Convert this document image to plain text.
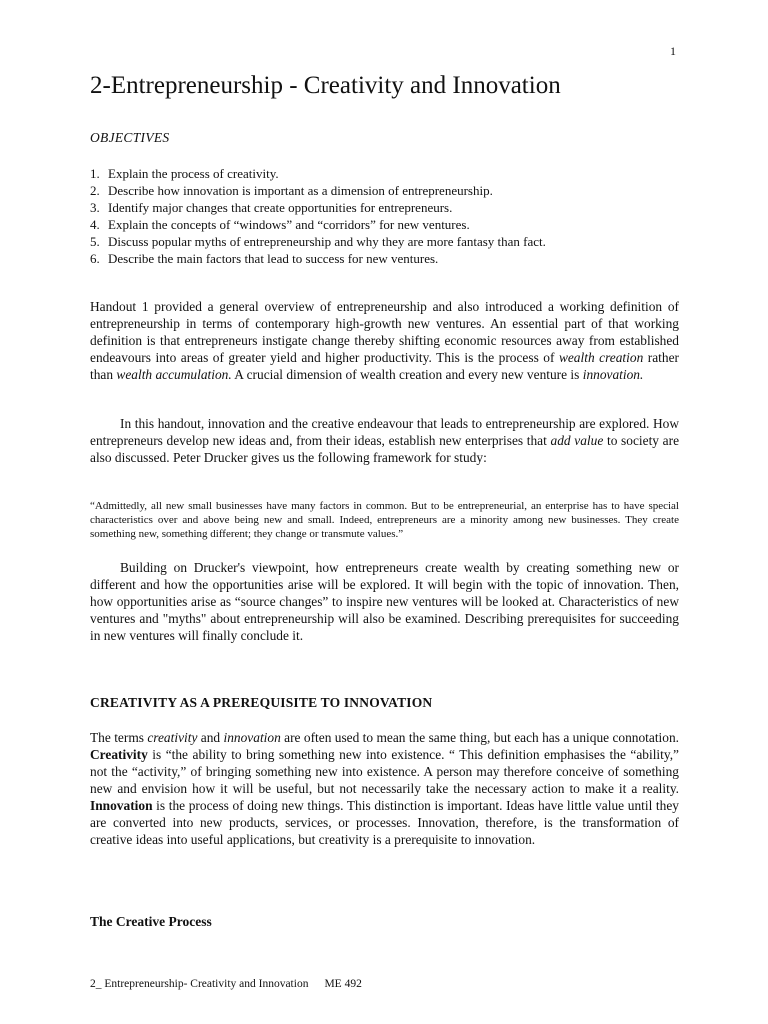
1
2-Entrepreneurship - Creativity and Innovation
OBJECTIVES
1. Explain the process of creativity.
2. Describe how innovation is important as a dimension of entrepreneurship.
3. Identify major changes that create opportunities for entrepreneurs.
4. Explain the concepts of “windows” and “corridors” for new ventures.
5. Discuss popular myths of entrepreneurship and why they are more fantasy than fact.
6. Describe the main factors that lead to success for new ventures.

Handout 1 provided a general overview of entrepreneurship and also introduced a working definition of entrepreneurship in terms of contemporary high-growth new ventures. An essential part of that working definition is that entrepreneurs instigate change thereby shifting economic resources away from established endeavours into areas of greater yield and higher productivity. This is the process of wealth creation rather than wealth accumulation. A crucial dimension of wealth creation and every new venture is innovation.

In this handout, innovation and the creative endeavour that leads to entrepreneurship are explored. How entrepreneurs develop new ideas and, from their ideas, establish new enterprises that add value to society are also discussed. Peter Drucker gives us the following framework for study:

“Admittedly, all new small businesses have many factors in common. But to be entrepreneurial, an enterprise has to have special characteristics over and above being new and small. Indeed, entrepreneurs are a minority among new businesses. They create something new, something different; they change or transmute values.”

Building on Drucker's viewpoint, how entrepreneurs create wealth by creating something new or different and how the opportunities arise will be explored. It will begin with the topic of innovation. Then, how opportunities arise as “source changes” to inspire new ventures will be looked at. Characteristics of new ventures and "myths" about entrepreneurship will also be examined. Describing prerequisites for succeeding in new ventures will finally conclude it.

CREATIVITY AS A PREREQUISITE TO INNOVATION

The terms creativity and innovation are often used to mean the same thing, but each has a unique connotation. Creativity is “the ability to bring something new into existence. “ This definition emphasises the “ability,” not the “activity,” of bringing something new into existence. A person may therefore conceive of something new and envision how it will be useful, but not necessarily take the necessary action to make it a reality. Innovation is the process of doing new things. This distinction is important. Ideas have little value until they are converted into new products, services, or processes. Innovation, therefore, is the transformation of creative ideas into useful applications, but creativity is a prerequisite to innovation.

The Creative Process
2_ Entrepreneurship- Creativity and Innovation ME 492
